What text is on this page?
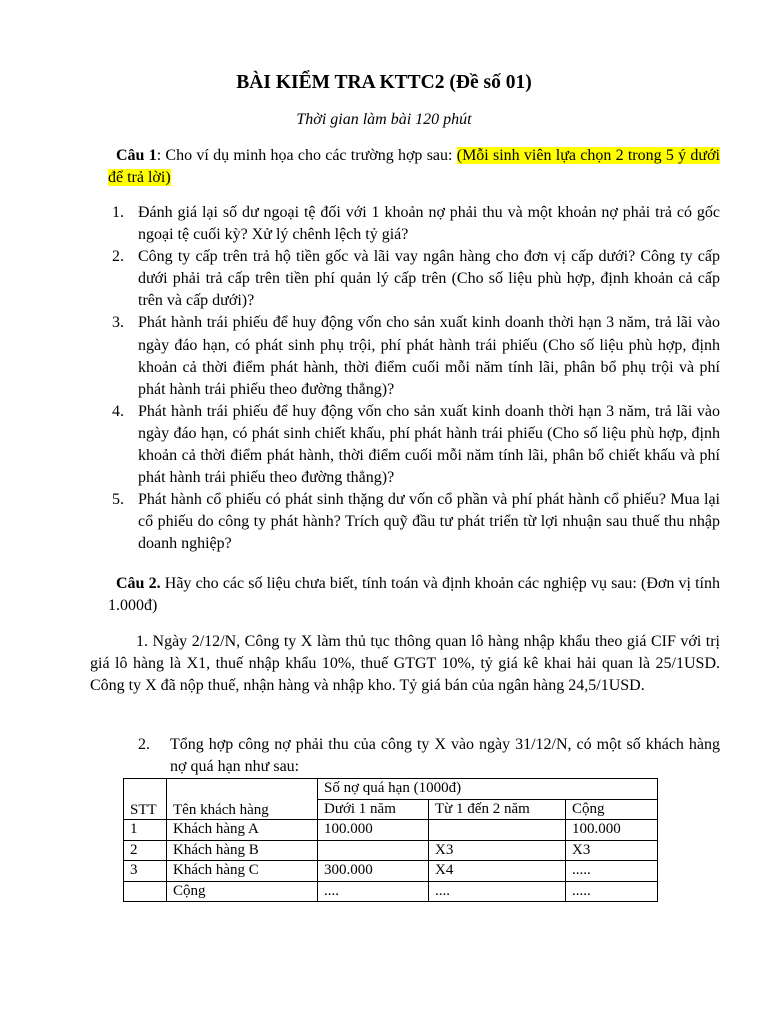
BÀI KIỂM TRA KTTC2 (Đề số 01)
Thời gian làm bài 120 phút
Câu 1: Cho ví dụ minh họa cho các trường hợp sau: (Mỗi sinh viên lựa chọn 2 trong 5 ý dưới để trả lời)
1. Đánh giá lại số dư ngoại tệ đối với 1 khoản nợ phải thu và một khoản nợ phải trả có gốc ngoại tệ cuối kỳ? Xử lý chênh lệch tỷ giá?
2. Công ty cấp trên trả hộ tiền gốc và lãi vay ngân hàng cho đơn vị cấp dưới? Công ty cấp dưới phải trả cấp trên tiền phí quản lý cấp trên (Cho số liệu phù hợp, định khoản cả cấp trên và cấp dưới)?
3. Phát hành trái phiếu để huy động vốn cho sản xuất kinh doanh thời hạn 3 năm, trả lãi vào ngày đáo hạn, có phát sinh phụ trội, phí phát hành trái phiếu (Cho số liệu phù hợp, định khoản cả thời điểm phát hành, thời điểm cuối mỗi năm tính lãi, phân bổ phụ trội và phí phát hành trái phiếu theo đường thẳng)?
4. Phát hành trái phiếu để huy động vốn cho sản xuất kinh doanh thời hạn 3 năm, trả lãi vào ngày đáo hạn, có phát sinh chiết khấu, phí phát hành trái phiếu (Cho số liệu phù hợp, định khoản cả thời điểm phát hành, thời điểm cuối mỗi năm tính lãi, phân bổ chiết khấu và phí phát hành trái phiếu theo đường thẳng)?
5. Phát hành cổ phiếu có phát sinh thặng dư vốn cổ phần và phí phát hành cổ phiếu? Mua lại cổ phiếu do công ty phát hành? Trích quỹ đầu tư phát triển từ lợi nhuận sau thuế thu nhập doanh nghiệp?
Câu 2. Hãy cho các số liệu chưa biết, tính toán và định khoản các nghiệp vụ sau: (Đơn vị tính 1.000đ)
1. Ngày 2/12/N, Công ty X làm thủ tục thông quan lô hàng nhập khẩu theo giá CIF với trị giá lô hàng là X1, thuế nhập khẩu 10%, thuế GTGT 10%, tỷ giá kê khai hải quan là 25/1USD. Công ty X đã nộp thuế, nhận hàng và nhập kho. Tỷ giá bán của ngân hàng 24,5/1USD.
2.	Tổng hợp công nợ phải thu của công ty X vào ngày 31/12/N, có một số khách hàng nợ quá hạn như sau:
STT	Tên khách hàng	Số nợ quá hạn (1000đ)		
		Dưới 1 năm	Từ 1 đến 2 năm	Cộng
1	Khách hàng A	100.000		100.000
2	Khách hàng B		X3	X3
3	Khách hàng C	300.000	X4	.....
	Cộng	....	....	.....
